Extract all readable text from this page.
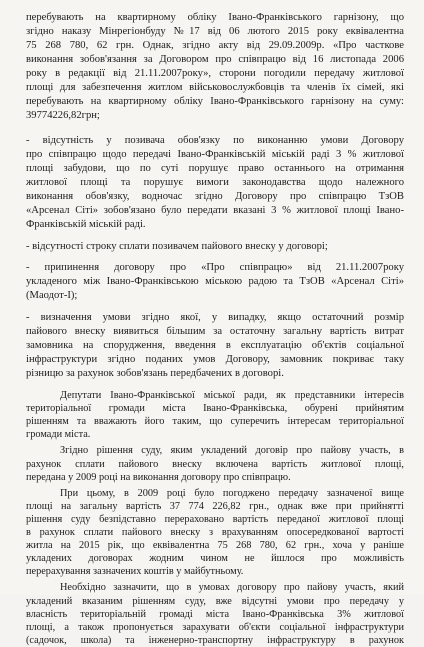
перебувають на квартирному обліку Івано-Франківського гарнізону, що
згідно наказу Мінрегіонбуду №17 від 06 лютого 2015 року еквівалентна
75 268 780, 62 грн. Однак, згідно акту від 29.09.2009р. «Про часткове
виконання зобов'язання за Договором про співпрацю від 16 листопада 2006
року в редакції від 21.11.2007року», сторони погодили передачу житлової
площі для забезпечення житлом військовослужбовців та членів їх сімей, які
перебувають на квартирному обліку Івано-Франківського гарнізону на суму:
39774226,82грн;
- відсутність у позивача обов'язку по виконанню умови Договору
про співпрацю щодо передачі Івано-Франківській міській раді 3 % житлової
площі забудови, що по суті порушує право останнього на отримання
житлової площі та порушує вимоги законодавства щодо належного
виконання обов'язку, водночас згідно Договору про співпрацю ТзОВ
«Арсенал Сіті» зобов'язано було передати вказані 3 % житлової площі Івано-
Франківській міській раді.
- відсутності строку сплати позивачем пайового внеску у договорі;
- припинення договору про «Про співпрацю» від 21.11.2007року
укладеного між Івано-Франківською міською радою та ТзОВ «Арсенал Сіті»
(Маодот-І);
- визначення умови згідно якої, у випадку, якщо остаточний розмір
пайового внеску виявиться більшим за остаточну загальну вартість витрат
замовника на спорудження, введення в експлуатацію об'єктів соціальної
інфраструктури згідно поданих умов Договору, замовник покриває таку
різницю за рахунок зобов'язань передбачених в договорі.
Депутати Івано-Франківської міської ради, як представники інтересів
територіальної громади міста Івано-Франківська, обурені прийнятим
рішенням та вважають його таким, що суперечить інтересам територіальної
громади міста.
Згідно рішення суду, яким укладений договір про пайову участь, в
рахунок сплати пайового внеску включена вартість житлової площі,
передана у 2009 році на виконання договору про співпрацю.
При цьому, в 2009 році було погоджено передачу зазначеної вище
площі на загальну вартість 37 774 226,82 грн., однак вже при прийнятті
рішення суду безпідставно перераховано вартість переданої житлової площі
в рахунок сплати пайового внеску з врахуванням опосередкованої вартості
житла на 2015 рік, що еквівалентна 75 268 780, 62 грн., хоча у раніше
укладених договорах жодним чином не йшлося про можливість
перерахування зазначених коштів у майбутньому.
Необхідно зазначити, що в умовах договору про пайову участь, який
укладений вказаним рішенням суду, вже відсутні умови про передачу у
власність територіальній громаді міста Івано-Франківська 3% житлової
площі, а також пропонується зарахувати об'єкти соціальної інфраструктури
(садочок, школа) та інженерно-транспортну інфраструктуру в рахунок
